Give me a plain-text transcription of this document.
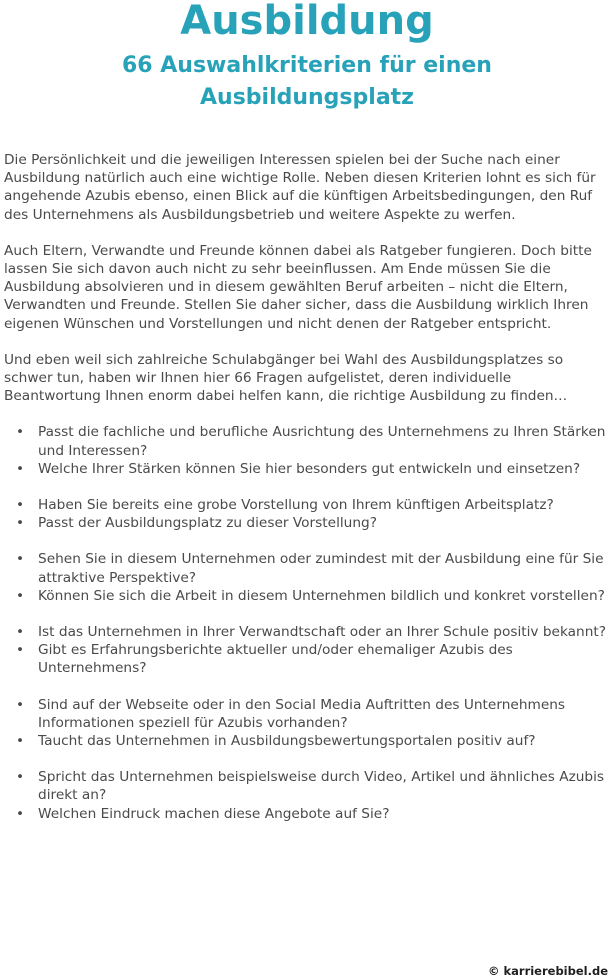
Ausbildung
66 Auswahlkriterien für einen Ausbildungsplatz

Die Persönlichkeit und die jeweiligen Interessen spielen bei der Suche nach einer Ausbildung natürlich auch eine wichtige Rolle. Neben diesen Kriterien lohnt es sich für angehende Azubis ebenso, einen Blick auf die künftigen Arbeitsbedingungen, den Ruf des Unternehmens als Ausbildungsbetrieb und weitere Aspekte zu werfen.

Auch Eltern, Verwandte und Freunde können dabei als Ratgeber fungieren. Doch bitte lassen Sie sich davon auch nicht zu sehr beeinflussen. Am Ende müssen Sie die Ausbildung absolvieren und in diesem gewählten Beruf arbeiten – nicht die Eltern, Verwandten und Freunde. Stellen Sie daher sicher, dass die Ausbildung wirklich Ihren eigenen Wünschen und Vorstellungen und nicht denen der Ratgeber entspricht.

Und eben weil sich zahlreiche Schulabgänger bei Wahl des Ausbildungsplatzes so schwer tun, haben wir Ihnen hier 66 Fragen aufgelistet, deren individuelle Beantwortung Ihnen enorm dabei helfen kann, die richtige Ausbildung zu finden…

• Passt die fachliche und berufliche Ausrichtung des Unternehmens zu Ihren Stärken und Interessen?
• Welche Ihrer Stärken können Sie hier besonders gut entwickeln und einsetzen?
• Haben Sie bereits eine grobe Vorstellung von Ihrem künftigen Arbeitsplatz?
• Passt der Ausbildungsplatz zu dieser Vorstellung?
• Sehen Sie in diesem Unternehmen oder zumindest mit der Ausbildung eine für Sie attraktive Perspektive?
• Können Sie sich die Arbeit in diesem Unternehmen bildlich und konkret vorstellen?
• Ist das Unternehmen in Ihrer Verwandtschaft oder an Ihrer Schule positiv bekannt?
• Gibt es Erfahrungsberichte aktueller und/oder ehemaliger Azubis des Unternehmens?
• Sind auf der Webseite oder in den Social Media Auftritten des Unternehmens Informationen speziell für Azubis vorhanden?
• Taucht das Unternehmen in Ausbildungsbewertungsportalen positiv auf?
• Spricht das Unternehmen beispielsweise durch Video, Artikel und ähnliches Azubis direkt an?
• Welchen Eindruck machen diese Angebote auf Sie?
© karrierebibel.de
